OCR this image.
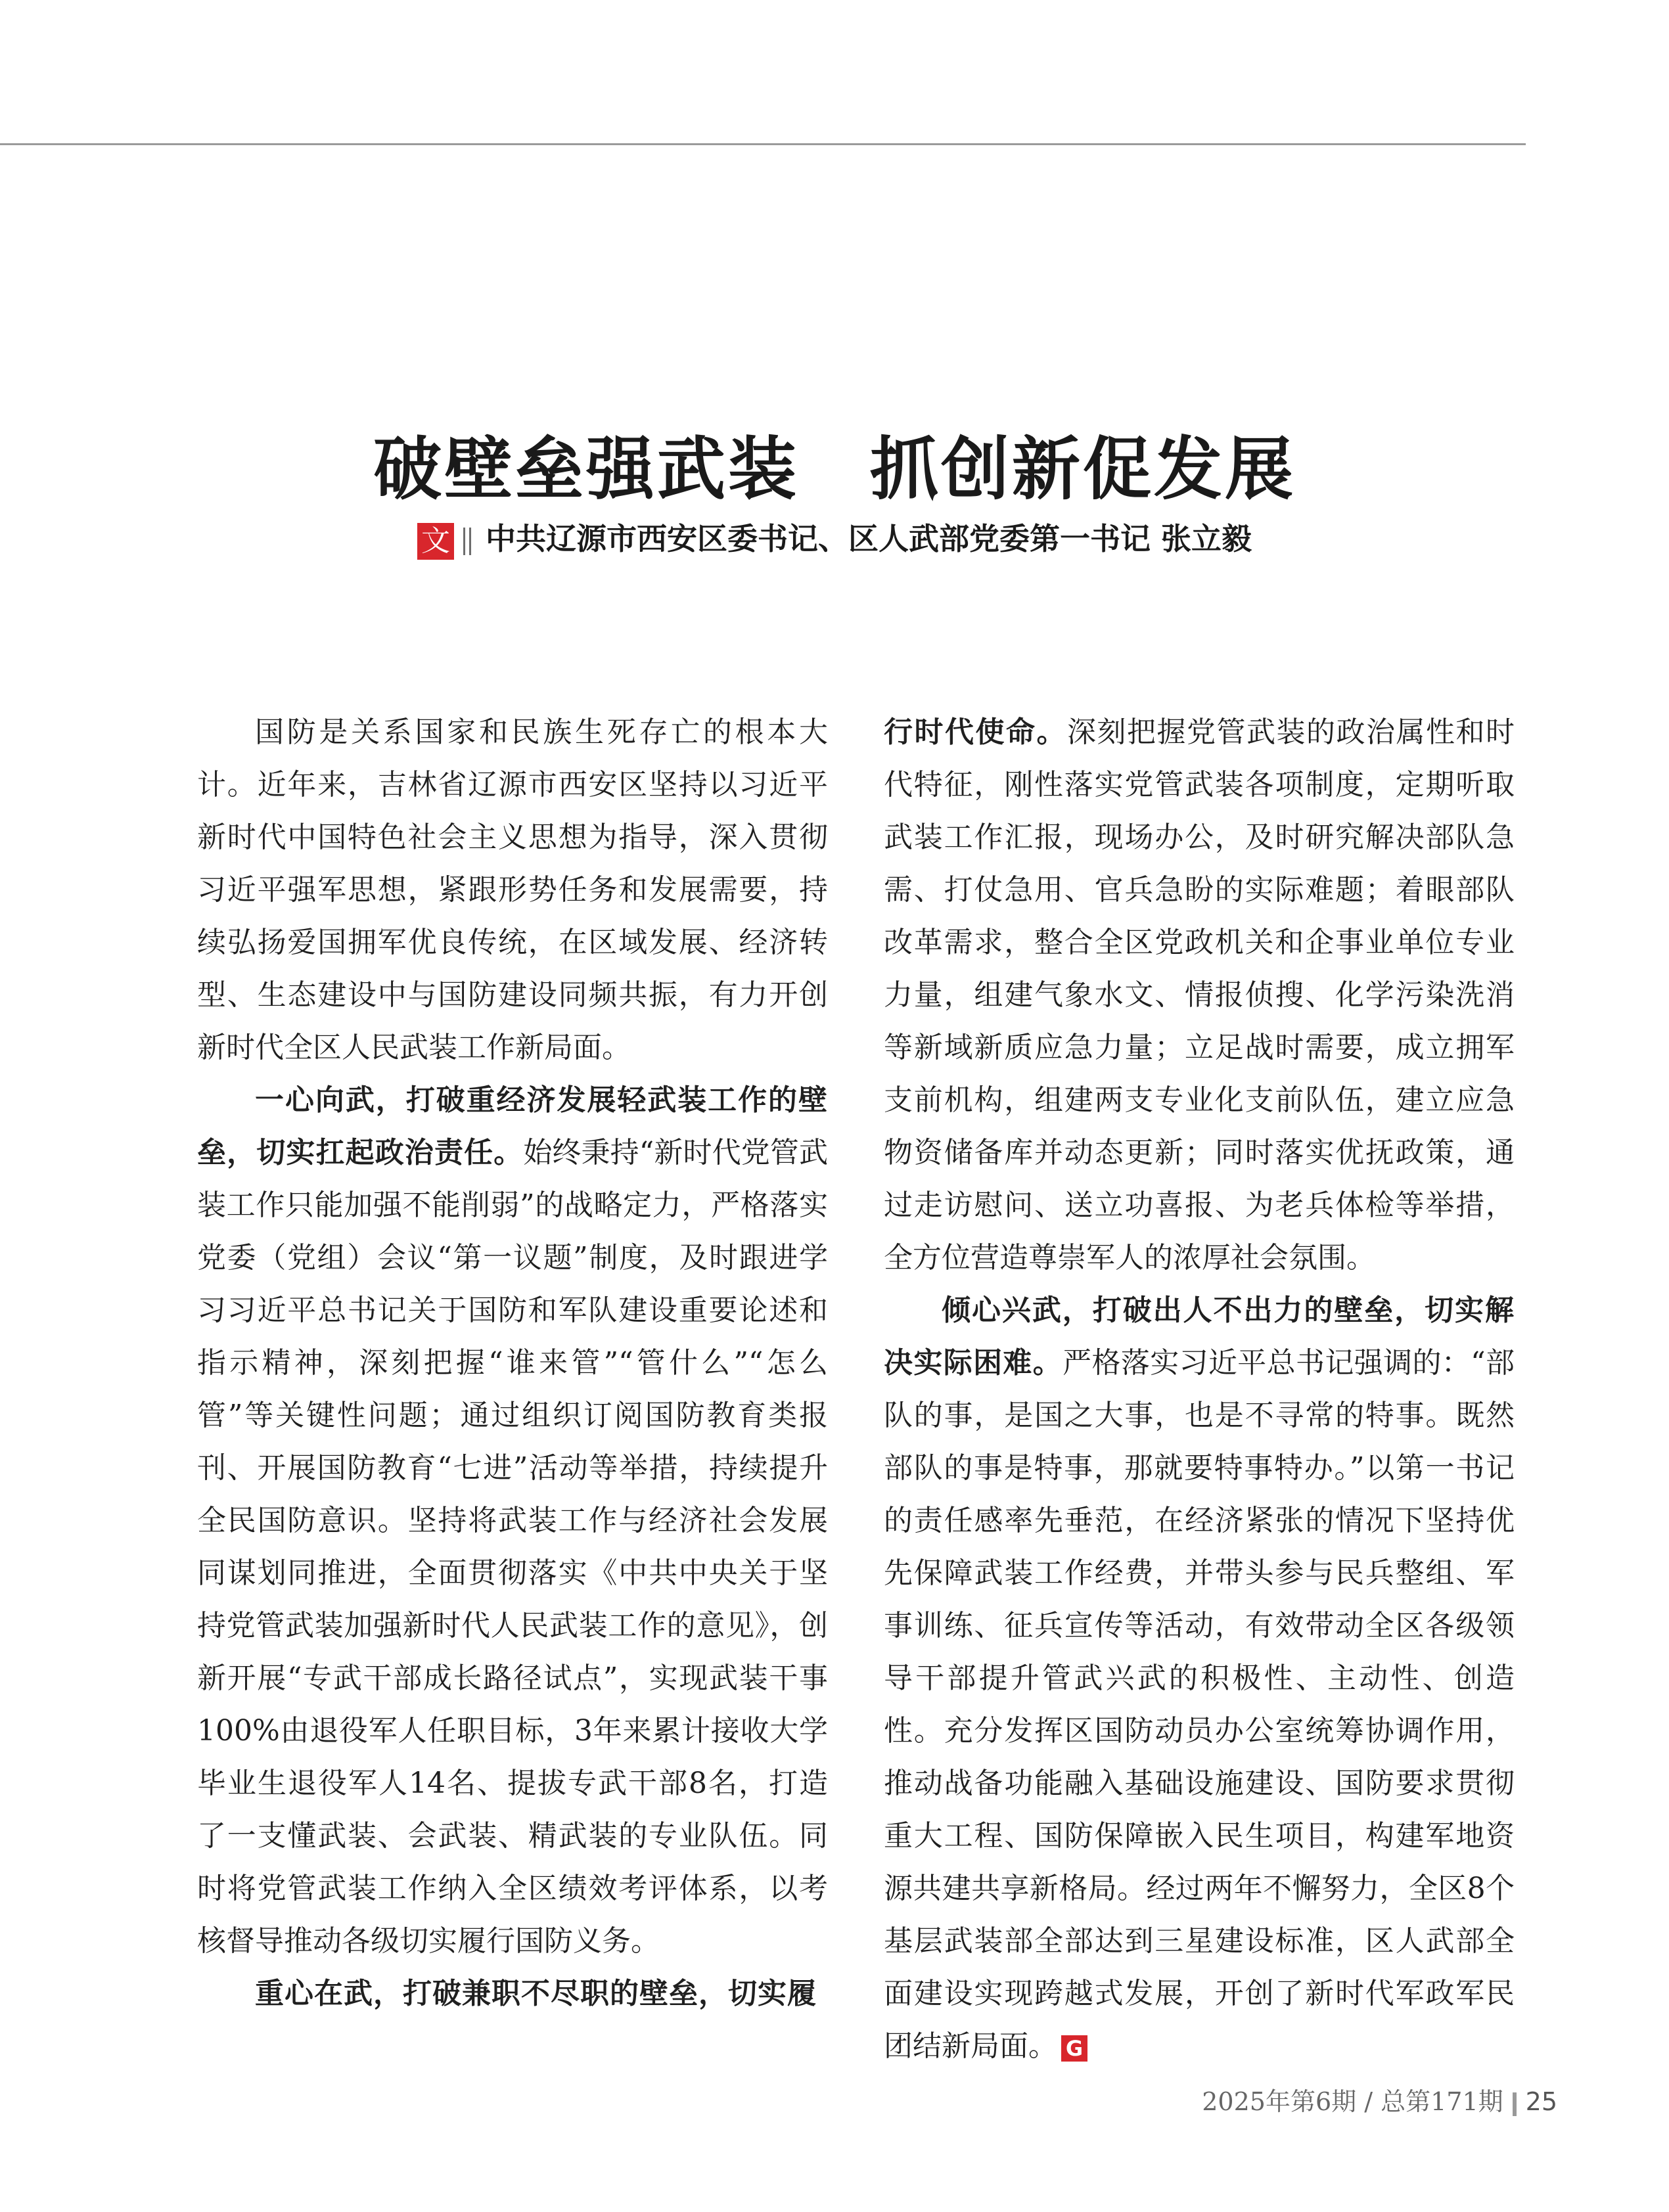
破壁垒强武装　抓创新促发展
文 中共辽源市西安区委书记、区人武部党委第一书记 张立毅

国防是关系国家和民族生死存亡的根本大计。近年来，吉林省辽源市西安区坚持以习近平新时代中国特色社会主义思想为指导，深入贯彻习近平强军思想，紧跟形势任务和发展需要，持续弘扬爱国拥军优良传统，在区域发展、经济转型、生态建设中与国防建设同频共振，有力开创新时代全区人民武装工作新局面。

一心向武，打破重经济发展轻武装工作的壁垒，切实扛起政治责任。始终秉持“新时代党管武装工作只能加强不能削弱”的战略定力，严格落实党委（党组）会议“第一议题”制度，及时跟进学习习近平总书记关于国防和军队建设重要论述和指示精神，深刻把握“谁来管”“管什么”“怎么管”等关键性问题；通过组织订阅国防教育类报刊、开展国防教育“七进”活动等举措，持续提升全民国防意识。坚持将武装工作与经济社会发展同谋划同推进，全面贯彻落实《中共中央关于坚持党管武装加强新时代人民武装工作的意见》，创新开展“专武干部成长路径试点”，实现武装干事100%由退役军人任职目标，3年来累计接收大学毕业生退役军人14名、提拔专武干部8名，打造了一支懂武装、会武装、精武装的专业队伍。同时将党管武装工作纳入全区绩效考评体系，以考核督导推动各级切实履行国防义务。

重心在武，打破兼职不尽职的壁垒，切实履

行时代使命。深刻把握党管武装的政治属性和时代特征，刚性落实党管武装各项制度，定期听取武装工作汇报，现场办公，及时研究解决部队急需、打仗急用、官兵急盼的实际难题；着眼部队改革需求，整合全区党政机关和企事业单位专业力量，组建气象水文、情报侦搜、化学污染洗消等新域新质应急力量；立足战时需要，成立拥军支前机构，组建两支专业化支前队伍，建立应急物资储备库并动态更新；同时落实优抚政策，通过走访慰问、送立功喜报、为老兵体检等举措，全方位营造尊崇军人的浓厚社会氛围。

倾心兴武，打破出人不出力的壁垒，切实解决实际困难。严格落实习近平总书记强调的：“部队的事，是国之大事，也是不寻常的特事。既然部队的事是特事，那就要特事特办。”以第一书记的责任感率先垂范，在经济紧张的情况下坚持优先保障武装工作经费，并带头参与民兵整组、军事训练、征兵宣传等活动，有效带动全区各级领导干部提升管武兴武的积极性、主动性、创造性。充分发挥区国防动员办公室统筹协调作用，推动战备功能融入基础设施建设、国防要求贯彻重大工程、国防保障嵌入民生项目，构建军地资源共建共享新格局。经过两年不懈努力，全区8个基层武装部全部达到三星建设标准，区人武部全面建设实现跨越式发展，开创了新时代军政军民团结新局面。 G

2025年第6期 / 总第171期 25
